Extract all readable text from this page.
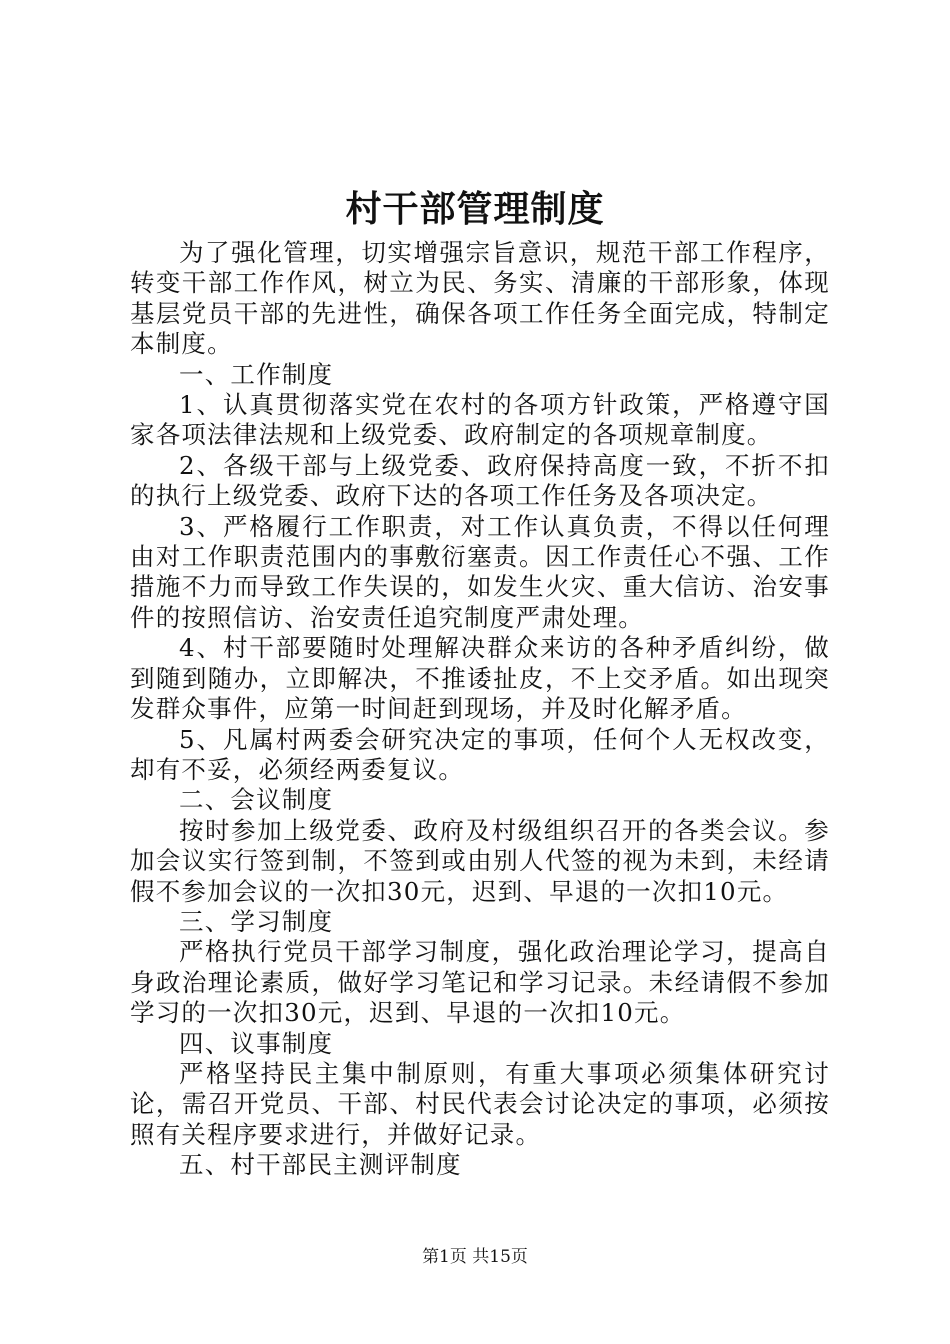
村干部管理制度

为了强化管理，切实增强宗旨意识，规范干部工作程序，转变干部工作作风，树立为民、务实、清廉的干部形象，体现基层党员干部的先进性，确保各项工作任务全面完成，特制定本制度。

一、工作制度

1、认真贯彻落实党在农村的各项方针政策，严格遵守国家各项法律法规和上级党委、政府制定的各项规章制度。

2、各级干部与上级党委、政府保持高度一致，不折不扣的执行上级党委、政府下达的各项工作任务及各项决定。

3、严格履行工作职责，对工作认真负责，不得以任何理由对工作职责范围内的事敷衍塞责。因工作责任心不强、工作措施不力而导致工作失误的，如发生火灾、重大信访、治安事件的按照信访、治安责任追究制度严肃处理。

4、村干部要随时处理解决群众来访的各种矛盾纠纷，做到随到随办，立即解决，不推诿扯皮，不上交矛盾。如出现突发群众事件，应第一时间赶到现场，并及时化解矛盾。

5、凡属村两委会研究决定的事项，任何个人无权改变，却有不妥，必须经两委复议。

二、会议制度

按时参加上级党委、政府及村级组织召开的各类会议。参加会议实行签到制，不签到或由别人代签的视为未到，未经请假不参加会议的一次扣30元，迟到、早退的一次扣10元。

三、学习制度

严格执行党员干部学习制度，强化政治理论学习，提高自身政治理论素质，做好学习笔记和学习记录。未经请假不参加学习的一次扣30元，迟到、早退的一次扣10元。

四、议事制度

严格坚持民主集中制原则，有重大事项必须集体研究讨论，需召开党员、干部、村民代表会讨论决定的事项，必须按照有关程序要求进行，并做好记录。

五、村干部民主测评制度

第1页 共15页
